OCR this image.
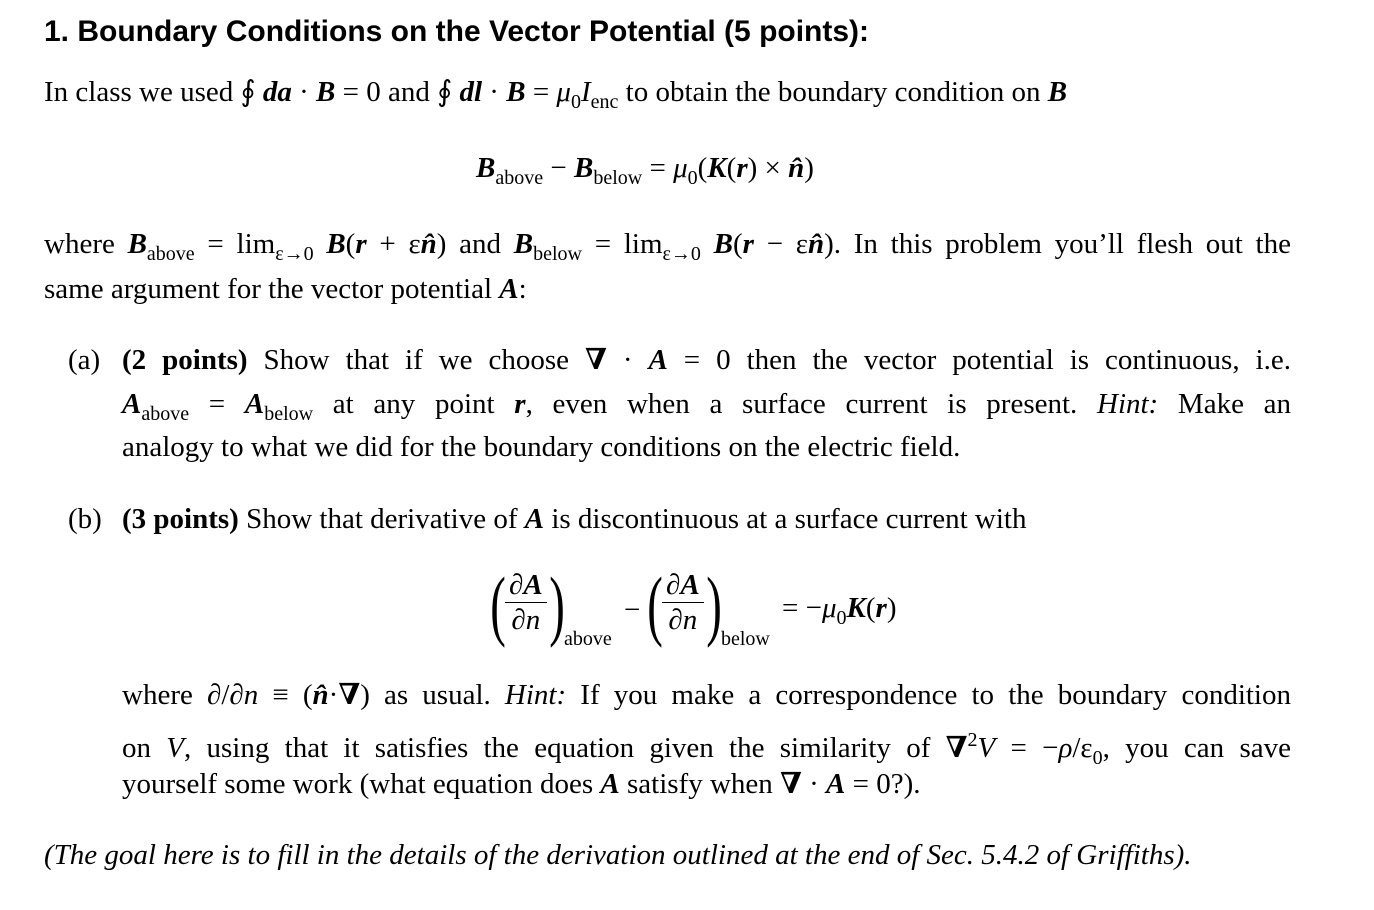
1. Boundary Conditions on the Vector Potential (5 points):
In class we used ∮ da · B = 0 and ∮ dl · $B = \mu_0I_{enc}$ to obtain the boundary condition on B
$B_{above} - B_{below} = \mu_0(K(r)$ × n̂)
where $B_{above} = \lim_{\varepsilon\to 0} B(r$ + εn̂) and $B_{below} = \lim_{\varepsilon\to 0} B(r$ − εn̂). In this problem you’ll flesh out the
same argument for the vector potential A:
(a) (2 points) Show that if we choose ∇ · A = 0 then the vector potential is continuous, i.e.
$A_{above} = A_{below}$ at any point r, even when a surface current is present. Hint: Make an
analogy to what we did for the boundary conditions on the electric field.
(b) (3 points) Show that derivative of A is discontinuous at a surface current with
( $\frac{\partial A}{\partial n}$ ) above
− ( $\frac{\partial A}{\partial n}$ ) below
= $-\mu_0K(r)$
where ∂/∂n ≡ (n̂·∇) as usual. Hint: If you make a correspondence to the boundary condition
on V, using that it satisfies the equation given the similarity of $\nabla^2V = -\rho/\varepsilon_0$, you can save
yourself some work (what equation does A satisfy when ∇ · A = 0?).
(The goal here is to fill in the details of the derivation outlined at the end of Sec. 5.4.2 of Griffiths).
